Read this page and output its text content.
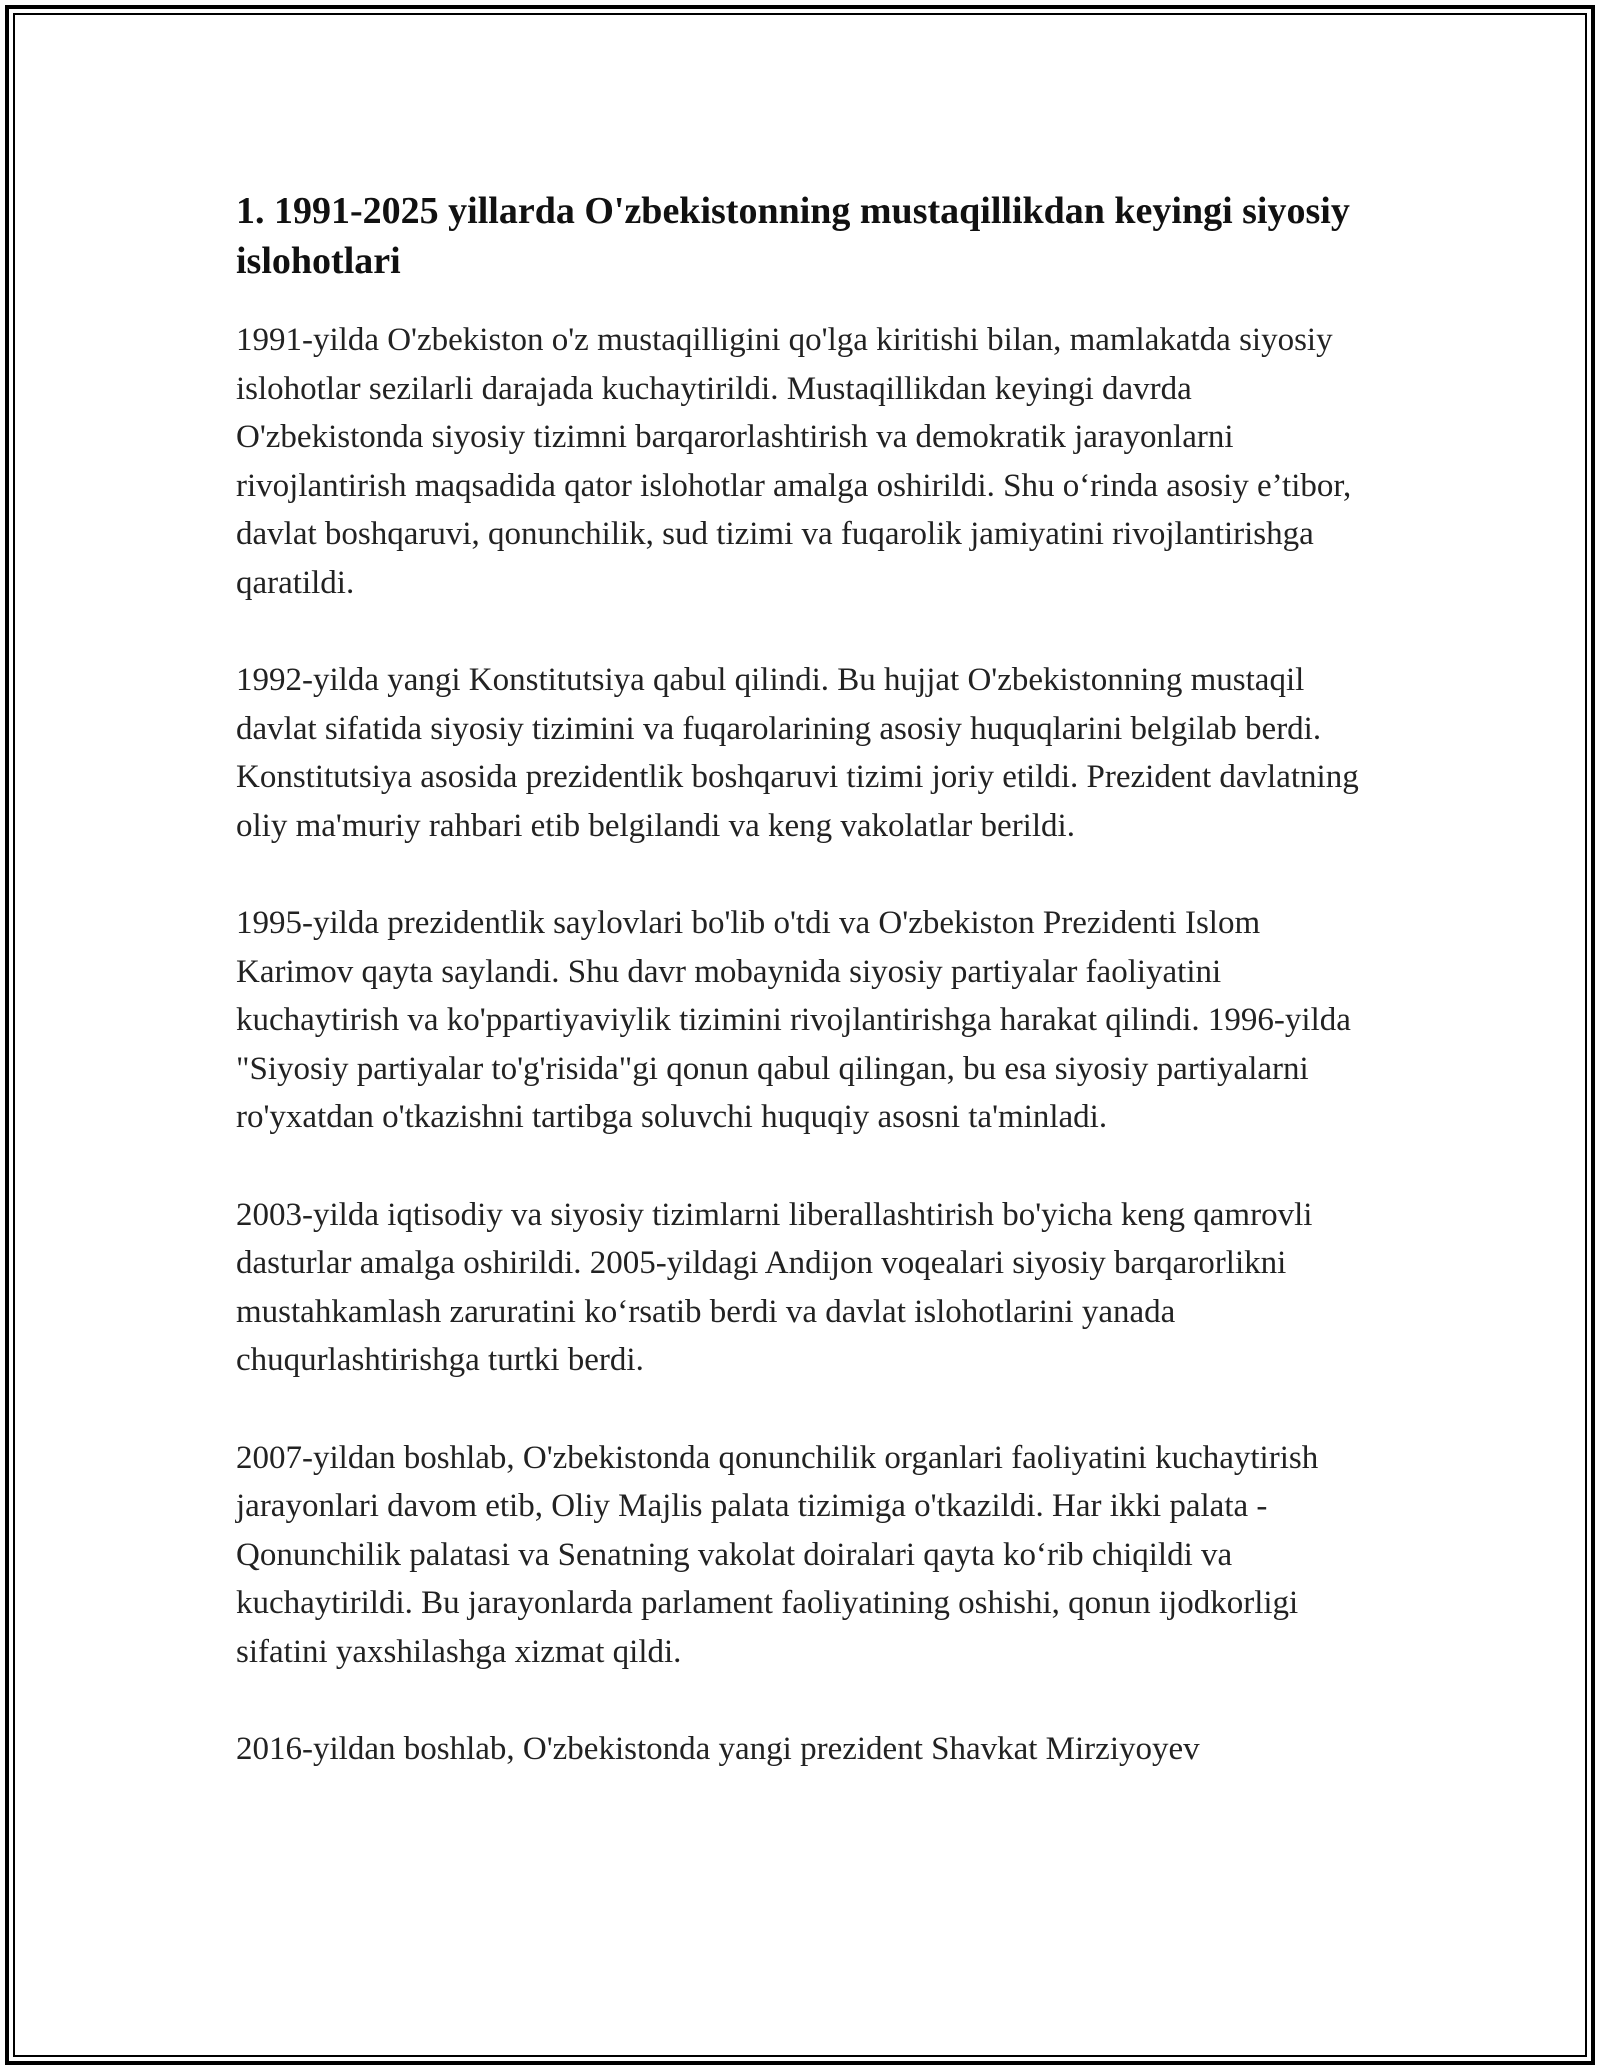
1. 1991-2025 yillarda O'zbekistonning mustaqillikdan keyingi siyosiy islohotlari

1991-yilda O'zbekiston o'z mustaqilligini qo'lga kiritishi bilan, mamlakatda siyosiy islohotlar sezilarli darajada kuchaytirildi. Mustaqillikdan keyingi davrda O'zbekistonda siyosiy tizimni barqarorlashtirish va demokratik jarayonlarni rivojlantirish maqsadida qator islohotlar amalga oshirildi. Shu o‘rinda asosiy e’tibor, davlat boshqaruvi, qonunchilik, sud tizimi va fuqarolik jamiyatini rivojlantirishga qaratildi.

1992-yilda yangi Konstitutsiya qabul qilindi. Bu hujjat O'zbekistonning mustaqil davlat sifatida siyosiy tizimini va fuqarolarining asosiy huquqlarini belgilab berdi. Konstitutsiya asosida prezidentlik boshqaruvi tizimi joriy etildi. Prezident davlatning oliy ma'muriy rahbari etib belgilandi va keng vakolatlar berildi.

1995-yilda prezidentlik saylovlari bo'lib o'tdi va O'zbekiston Prezidenti Islom Karimov qayta saylandi. Shu davr mobaynida siyosiy partiyalar faoliyatini kuchaytirish va ko'ppartiyaviylik tizimini rivojlantirishga harakat qilindi. 1996-yilda "Siyosiy partiyalar to'g'risida"gi qonun qabul qilingan, bu esa siyosiy partiyalarni ro'yxatdan o'tkazishni tartibga soluvchi huquqiy asosni ta'minladi.

2003-yilda iqtisodiy va siyosiy tizimlarni liberallashtirish bo'yicha keng qamrovli dasturlar amalga oshirildi. 2005-yildagi Andijon voqealari siyosiy barqarorlikni mustahkamlash zaruratini ko‘rsatib berdi va davlat islohotlarini yanada chuqurlashtirishga turtki berdi.

2007-yildan boshlab, O'zbekistonda qonunchilik organlari faoliyatini kuchaytirish jarayonlari davom etib, Oliy Majlis palata tizimiga o'tkazildi. Har ikki palata - Qonunchilik palatasi va Senatning vakolat doiralari qayta ko‘rib chiqildi va kuchaytirildi. Bu jarayonlarda parlament faoliyatining oshishi, qonun ijodkorligi sifatini yaxshilashga xizmat qildi.

2016-yildan boshlab, O'zbekistonda yangi prezident Shavkat Mirziyoyev
